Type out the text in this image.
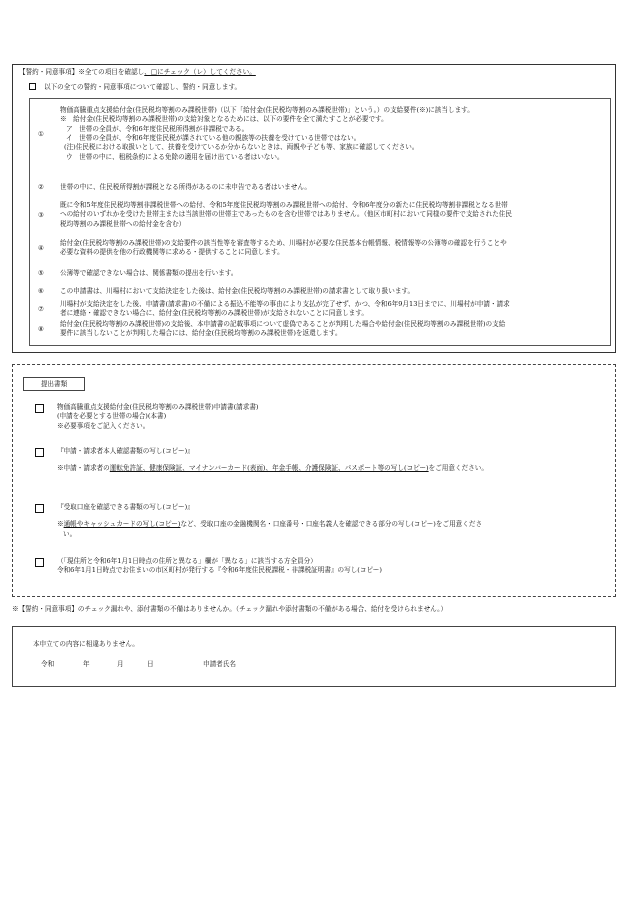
【誓約・同意事項】※全ての項目を確認し、□にチェック（レ）してください。
以下の全ての誓約・同意事項について確認し、誓約・同意します。
①
物価高騰重点支援給付金(住民税均等割のみ課税世帯)（以下「給付金(住民税均等割のみ課税世帯)」という。）の支給要件(※)に該当します。
※　給付金(住民税均等割のみ課税世帯)の支給対象となるためには、以下の要件を全て満たすことが必要です。
ア　世帯の全員が、令和6年度住民税所得割が非課税である。
イ　世帯の全員が、令和6年度住民税が課されている他の親族等の扶養を受けている世帯ではない。
(注)住民税における取扱いとして、扶養を受けているか分からないときは、両親や子ども等、家族に確認してください。
ウ　世帯の中に、租税条約による免除の適用を届け出ている者はいない。
②	世帯の中に、住民税所得割が課税となる所得があるのに未申告である者はいません。
③
既に令和5年度住民税均等割非課税世帯への給付、令和5年度住民税均等割のみ課税世帯への給付、令和6年度分の新たに住民税均等割非課税となる世帯
への給付のいずれかを受けた世帯主または当該世帯の世帯主であったものを含む世帯ではありません。（他区市町村において同様の要件で支給された住民
税均等割のみ課税世帯への給付金を含む）
④
給付金(住民税均等割のみ課税世帯)の支給要件の該当性等を審査等するため、川場村が必要な住民基本台帳情報、税情報等の公簿等の確認を行うことや
必要な資料の提供を他の行政機関等に求める・提供することに同意します。
⑤	公簿等で確認できない場合は、関係書類の提出を行います。
⑥	この申請書は、川場村において支給決定をした後は、給付金(住民税均等割のみ課税世帯)の請求書として取り扱います。
⑦
川場村が支給決定をした後、申請書(請求書)の不備による振込不能等の事由により支払が完了せず、かつ、令和6年9月13日までに、川場村が申請・請求
者に連絡・確認できない場合に、給付金(住民税均等割のみ課税世帯)が支給されないことに同意します。
⑧
給付金(住民税均等割のみ課税世帯)の支給後、本申請書の記載事項について虚偽であることが判明した場合や給付金(住民税均等割のみ課税世帯)の支給
要件に該当しないことが判明した場合には、給付金(住民税均等割のみ課税世帯)を返還します。
提出書類
物価高騰重点支援給付金(住民税均等割のみ課税世帯)申請書(請求書)
(申請を必要とする世帯の場合)(本書)
※必要事項をご記入ください。
『申請・請求者本人確認書類の写し(コピー)』
※申請・請求者の運転免許証、健康保険証、マイナンバーカード(表面)、年金手帳、介護保険証、パスポート等の写し(コピー)をご用意ください。
『受取口座を確認できる書類の写し(コピー)』
※通帳やキャッシュカードの写し(コピー)など、受取口座の金融機関名・口座番号・口座名義人を確認できる部分の写し(コピー)をご用意くださ
い。
（「現住所と令和6年1月1日時点の住所と異なる」欄が「異なる」に該当する方全員分）
令和6年1月1日時点でお住まいの市区町村が発行する『令和6年度住民税課税・非課税証明書』の写し(コピー)
※【誓約・同意事項】のチェック漏れや、添付書類の不備はありませんか。（チェック漏れや添付書類の不備がある場合、給付を受けられません。）
本申立ての内容に相違ありません。
令和	年	月	日	申請者氏名
